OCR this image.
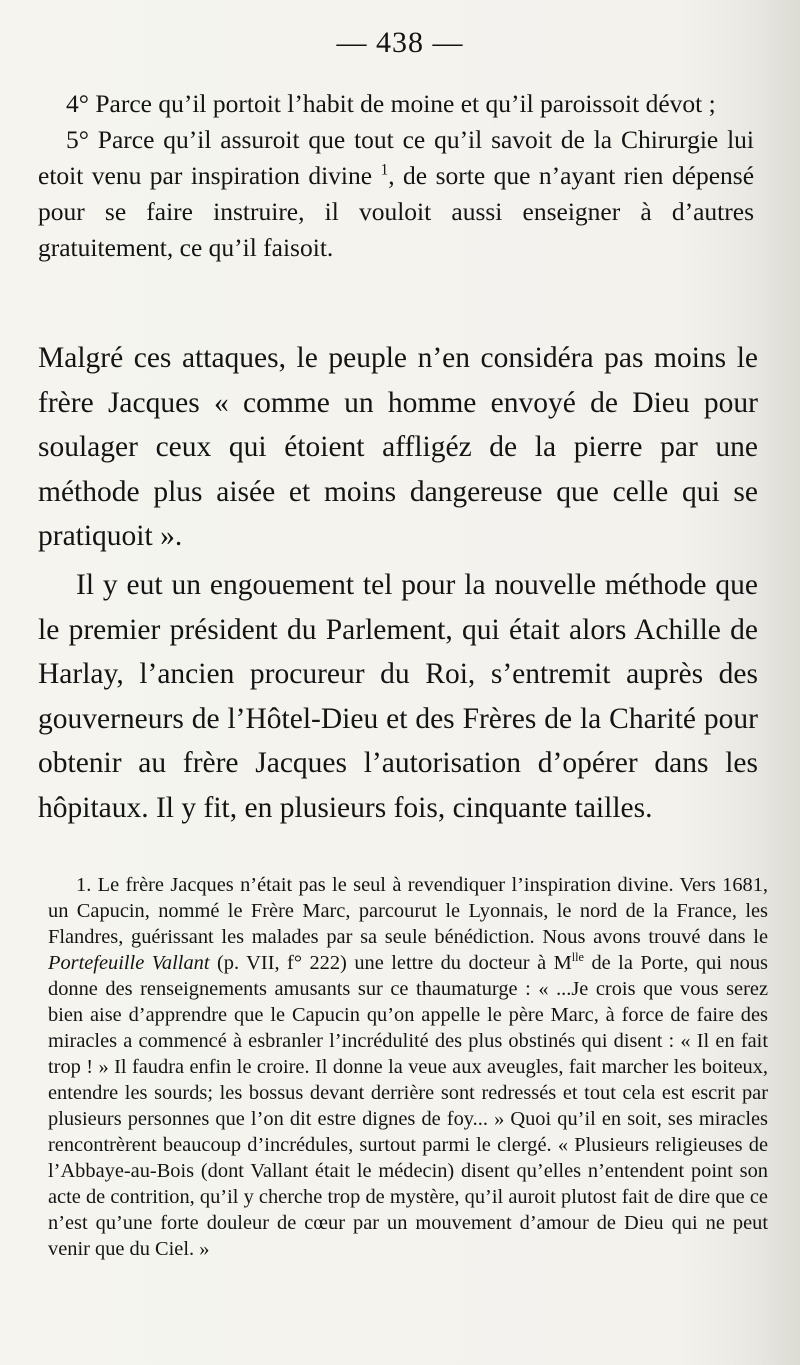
— 438 —

4° Parce qu’il portoit l’habit de moine et qu’il paroissoit dévot ;

5° Parce qu’il assuroit que tout ce qu’il savoit de la Chirurgie lui etoit venu par inspiration divine $^1$, de sorte que n’ayant rien dépensé pour se faire instruire, il vouloit aussi enseigner à d’autres gratuitement, ce qu’il faisoit.

Malgré ces attaques, le peuple n’en considéra pas moins le frère Jacques « comme un homme envoyé de Dieu pour soulager ceux qui étoient affligéz de la pierre par une méthode plus aisée et moins dangereuse que celle qui se pratiquoit ».

Il y eut un engouement tel pour la nouvelle méthode que le premier président du Parlement, qui était alors Achille de Harlay, l’ancien procureur du Roi, s’entremit auprès des gouverneurs de l’Hôtel-Dieu et des Frères de la Charité pour obtenir au frère Jacques l’autorisation d’opérer dans les hôpitaux. Il y fit, en plusieurs fois, cinquante tailles.

1. Le frère Jacques n’était pas le seul à revendiquer l’inspiration divine. Vers 1681, un Capucin, nommé le Frère Marc, parcourut le Lyonnais, le nord de la France, les Flandres, guérissant les malades par sa seule bénédiction. Nous avons trouvé dans le Portefeuille Vallant (p. VII, f° 222) une lettre du docteur à $M^{lle}$ de la Porte, qui nous donne des renseignements amusants sur ce thaumaturge : « ...Je crois que vous serez bien aise d’apprendre que le Capucin qu’on appelle le père Marc, à force de faire des miracles a commencé à esbranler l’incrédulité des plus obstinés qui disent : « Il en fait trop ! » Il faudra enfin le croire. Il donne la veue aux aveugles, fait marcher les boiteux, entendre les sourds; les bossus devant derrière sont redressés et tout cela est escrit par plusieurs personnes que l’on dit estre dignes de foy... » Quoi qu’il en soit, ses miracles rencontrèrent beaucoup d’incrédules, surtout parmi le clergé. « Plusieurs religieuses de l’Abbaye-au-Bois (dont Vallant était le médecin) disent qu’elles n’entendent point son acte de contrition, qu’il y cherche trop de mystère, qu’il auroit plutost fait de dire que ce n’est qu’une forte douleur de cœur par un mouvement d’amour de Dieu qui ne peut venir que du Ciel. »
